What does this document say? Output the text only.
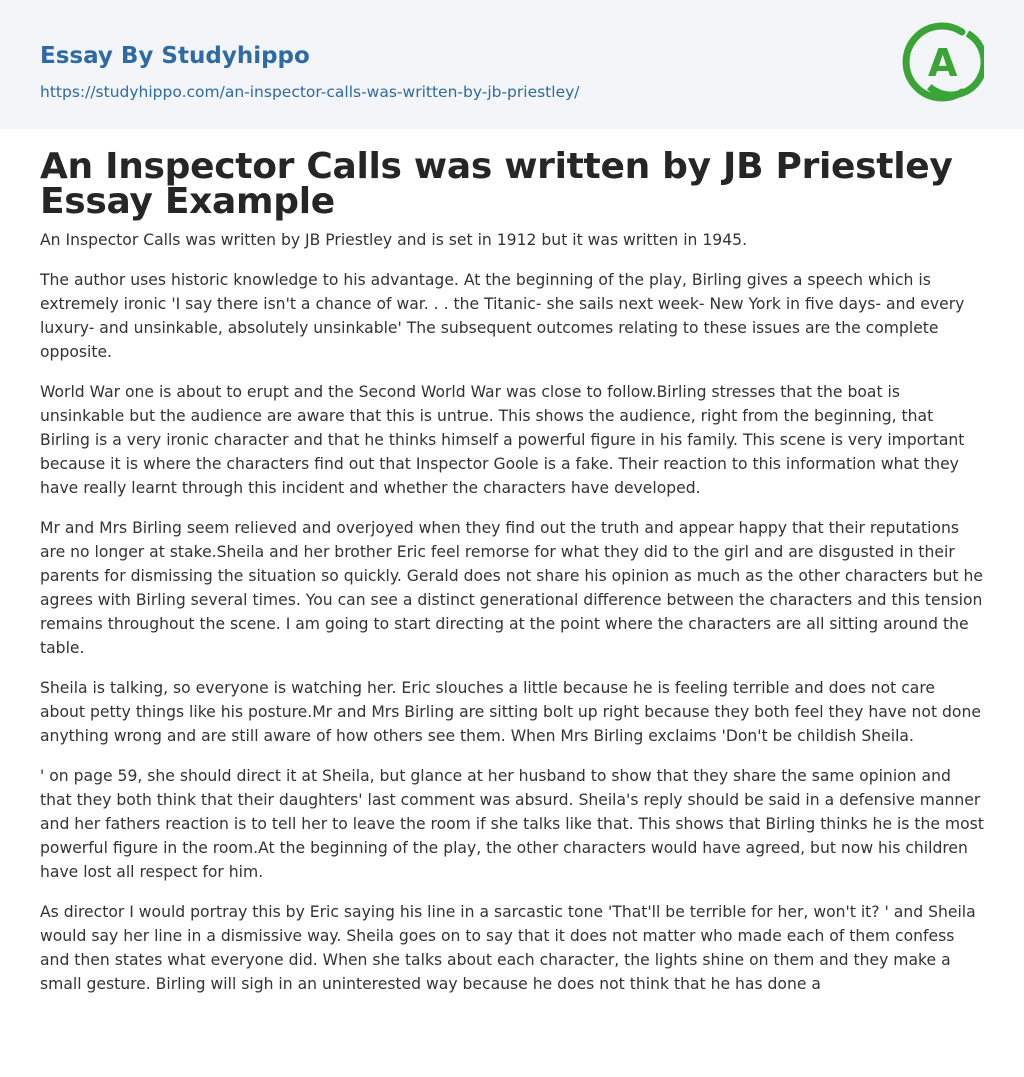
Essay By Studyhippo
https://studyhippo.com/an-inspector-calls-was-written-by-jb-priestley/
A
An Inspector Calls was written by JB Priestley Essay Example

An Inspector Calls was written by JB Priestley and is set in 1912 but it was written in 1945.

The author uses historic knowledge to his advantage. At the beginning of the play, Birling gives a speech which is extremely ironic 'I say there isn't a chance of war. . . the Titanic- she sails next week- New York in five days- and every luxury- and unsinkable, absolutely unsinkable' The subsequent outcomes relating to these issues are the complete opposite.

World War one is about to erupt and the Second World War was close to follow.Birling stresses that the boat is unsinkable but the audience are aware that this is untrue. This shows the audience, right from the beginning, that Birling is a very ironic character and that he thinks himself a powerful figure in his family. This scene is very important because it is where the characters find out that Inspector Goole is a fake. Their reaction to this information what they have really learnt through this incident and whether the characters have developed.

Mr and Mrs Birling seem relieved and overjoyed when they find out the truth and appear happy that their reputations are no longer at stake.Sheila and her brother Eric feel remorse for what they did to the girl and are disgusted in their parents for dismissing the situation so quickly. Gerald does not share his opinion as much as the other characters but he agrees with Birling several times. You can see a distinct generational difference between the characters and this tension remains throughout the scene. I am going to start directing at the point where the characters are all sitting around the table.

Sheila is talking, so everyone is watching her. Eric slouches a little because he is feeling terrible and does not care about petty things like his posture.Mr and Mrs Birling are sitting bolt up right because they both feel they have not done anything wrong and are still aware of how others see them. When Mrs Birling exclaims 'Don't be childish Sheila.

' on page 59, she should direct it at Sheila, but glance at her husband to show that they share the same opinion and that they both think that their daughters' last comment was absurd. Sheila's reply should be said in a defensive manner and her fathers reaction is to tell her to leave the room if she talks like that. This shows that Birling thinks he is the most powerful figure in the room.At the beginning of the play, the other characters would have agreed, but now his children have lost all respect for him.

As director I would portray this by Eric saying his line in a sarcastic tone 'That'll be terrible for her, won't it? ' and Sheila would say her line in a dismissive way. Sheila goes on to say that it does not matter who made each of them confess and then states what everyone did. When she talks about each character, the lights shine on them and they make a small gesture. Birling will sigh in an uninterested way because he does not think that he has done a
